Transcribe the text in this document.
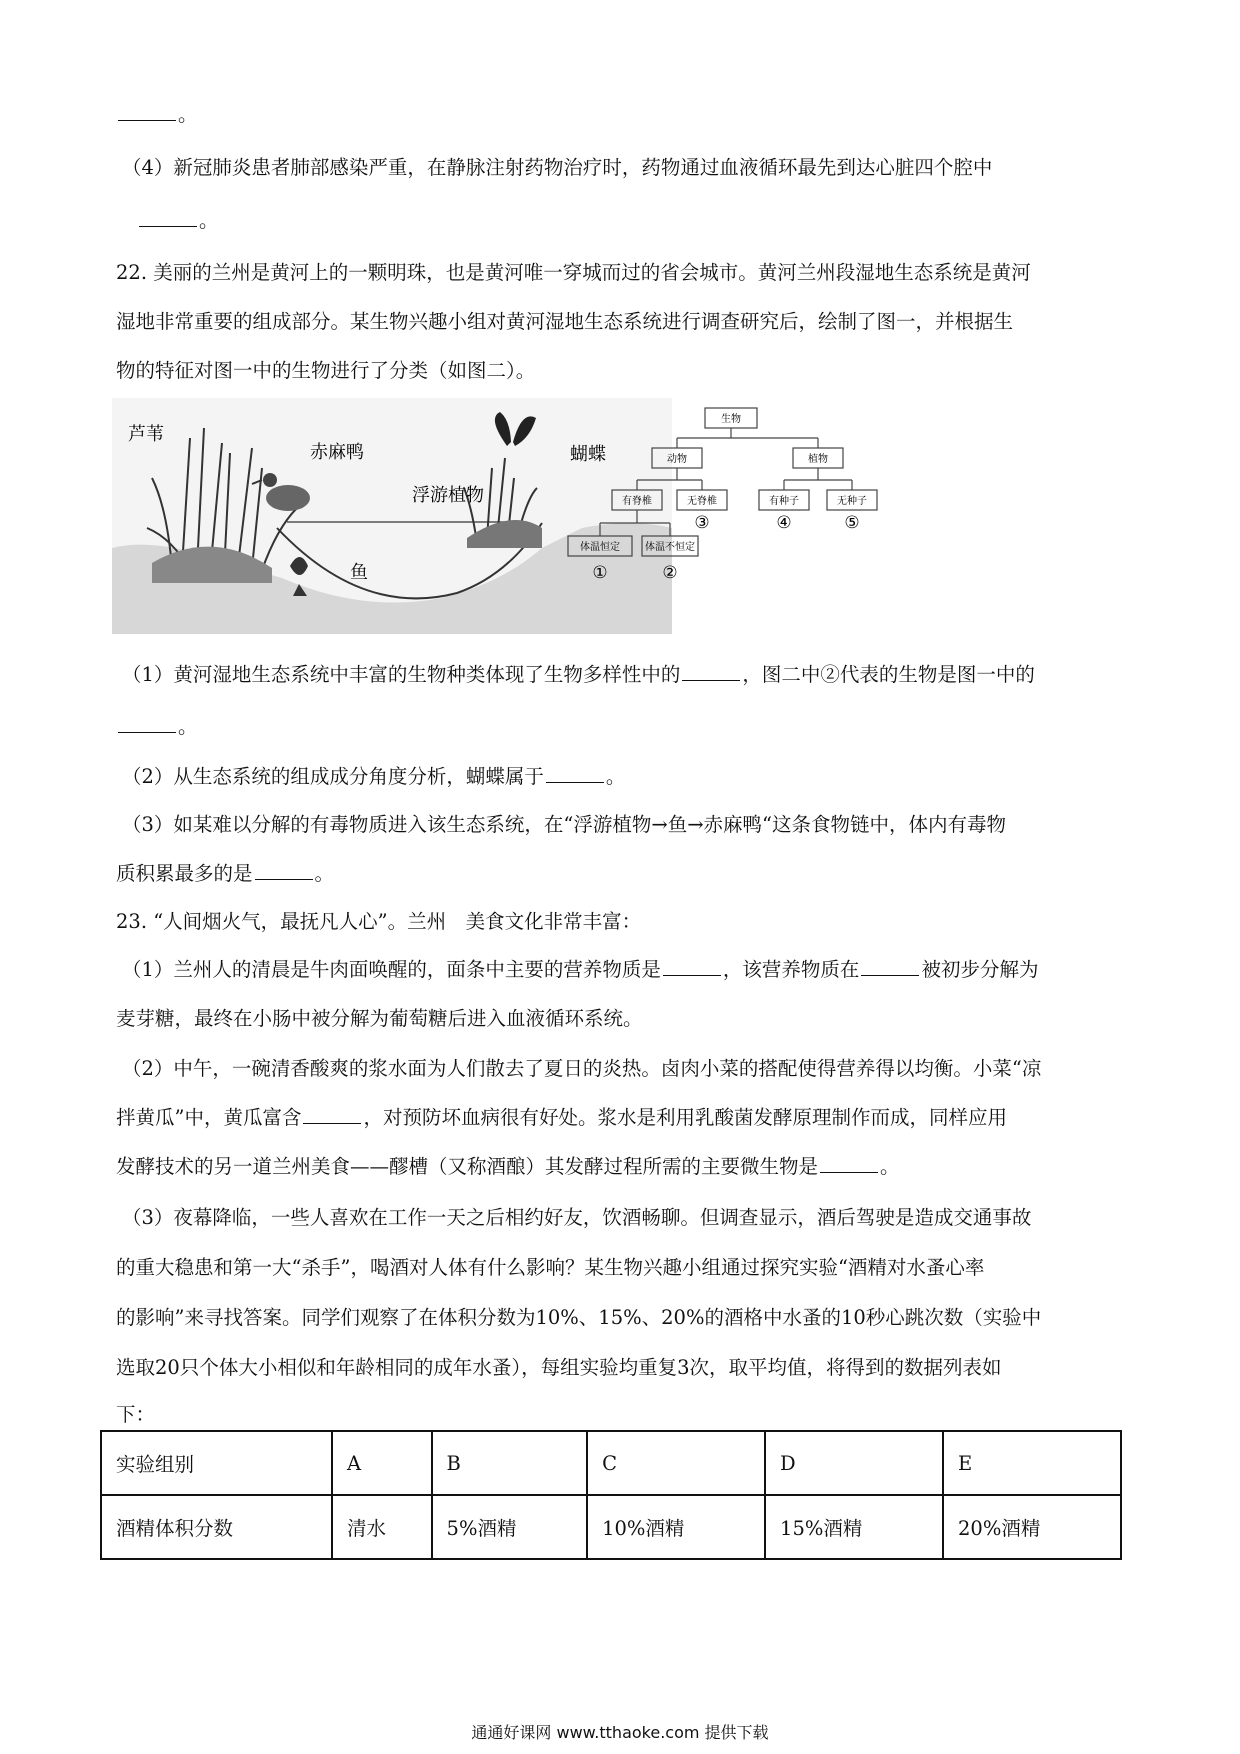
。
（4）新冠肺炎患者肺部感染严重，在静脉注射药物治疗时，药物通过血液循环最先到达心脏四个腔中
。
22. 美丽的兰州是黄河上的一颗明珠，也是黄河唯一穿城而过的省会城市。黄河兰州段湿地生态系统是黄河
湿地非常重要的组成部分。某生物兴趣小组对黄河湿地生态系统进行调查研究后，绘制了图一，并根据生
物的特征对图一中的生物进行了分类（如图二）。
芦苇
赤麻鸭
浮游植物
蝴蝶
鱼
生物
动物	植物
有脊椎	无脊椎	有种子	无种子
体温恒定	体温不恒定
③	④	⑤
①	②
（1）黄河湿地生态系统中丰富的生物种类体现了生物多样性中的	，图二中②代表的生物是图一中的
。
（2）从生态系统的组成成分角度分析，蝴蝶属于	。
（3）如某难以分解的有毒物质进入该生态系统，在“浮游植物→鱼→赤麻鸭“这条食物链中，体内有毒物
质积累最多的是	。
23. “人间烟火气，最抚凡人心”。兰州　美食文化非常丰富：
（1）兰州人的清晨是牛肉面唤醒的，面条中主要的营养物质是	，该营养物质在	被初步分解为
麦芽糖，最终在小肠中被分解为葡萄糖后进入血液循环系统。
（2）中午，一碗清香酸爽的浆水面为人们散去了夏日的炎热。卤肉小菜的搭配使得营养得以均衡。小菜“凉
拌黄瓜”中，黄瓜富含	，对预防坏血病很有好处。浆水是利用乳酸菌发酵原理制作而成，同样应用
发酵技术的另一道兰州美食——醪槽（又称酒酿）其发酵过程所需的主要微生物是	。
（3）夜幕降临，一些人喜欢在工作一天之后相约好友，饮酒畅聊。但调查显示，酒后驾驶是造成交通事故
的重大稳患和第一大“杀手”，喝酒对人体有什么影响？某生物兴趣小组通过探究实验“酒精对水蚤心率
的影响”来寻找答案。同学们观察了在体积分数为10%、15%、20%的酒格中水蚤的10秒心跳次数（实验中
选取20只个体大小相似和年龄相同的成年水蚤），每组实验均重复3次，取平均值，将得到的数据列表如
下：
实验组别	A	B	C	D	E
酒精体积分数	清水	5%酒精	10%酒精	15%酒精	20%酒精
通通好课网 www.tthaoke.com 提供下载
